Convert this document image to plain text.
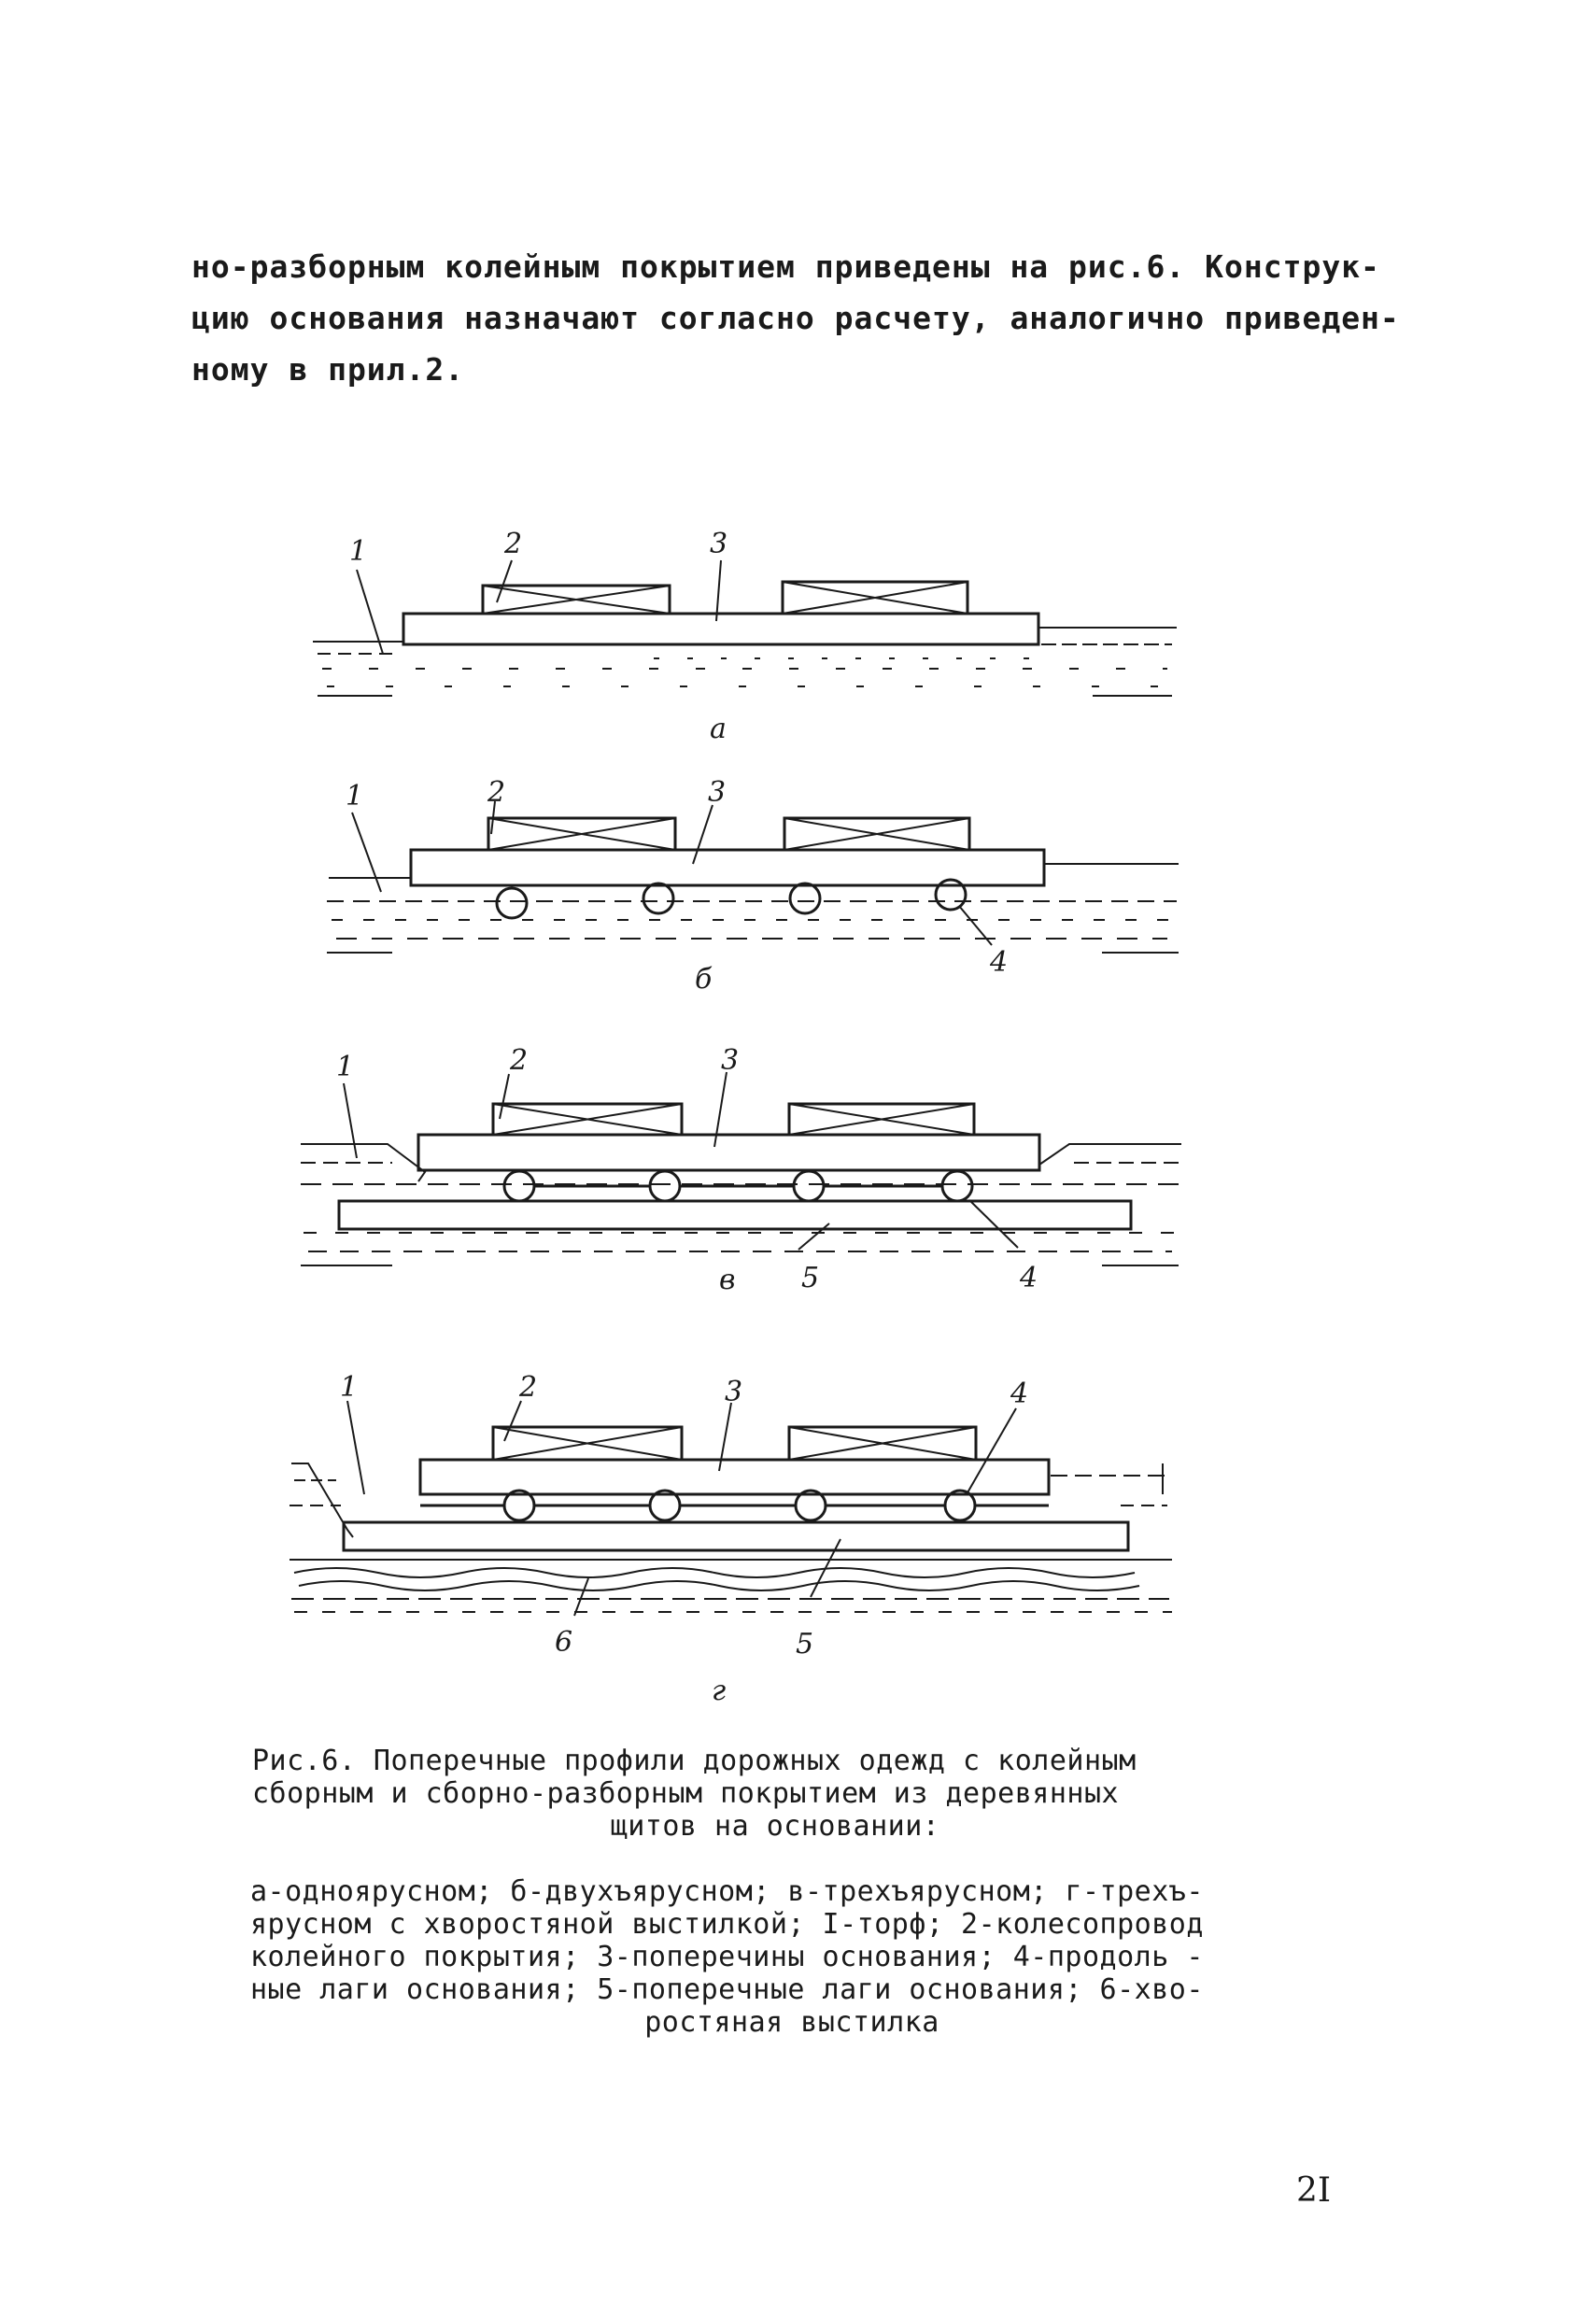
но-разборным колейным покрытием приведены на рис.6. Конструк-
цию основания назначают согласно расчету, аналогично приведен-
ному в прил.2.
1	2	3
а
1	2	3
4
б
1	2	3
5	4
в
1	2	3	4
6	5
г
Рис.6. Поперечные профили дорожных одежд с колейным
сборным и сборно-разборным покрытием из деревянных
щитов на основании:
а-одноярусном; б-двухъярусном; в-трехъярусном; г-трехъ-
ярусном с хворостяной выстилкой; I-торф; 2-колесопровод
колейного покрытия; 3-поперечины основания; 4-продоль -
ные лаги основания; 5-поперечные лаги основания; 6-хво-
ростяная выстилка
2I
